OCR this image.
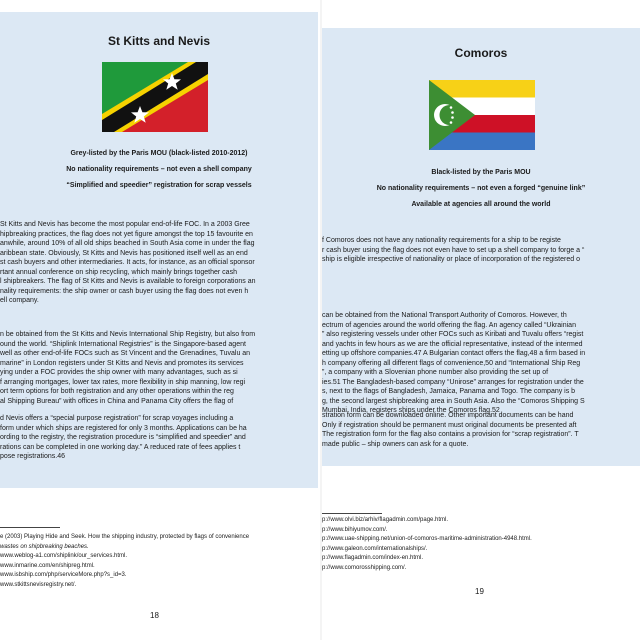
St Kitts and Nevis
Grey-listed by the Paris MOU (black-listed 2010-2012)
No nationality requirements – not even a shell company
“Simplified and speedier” registration for scrap vessels
St Kitts and Nevis has become the most popular end-of-life FOC. In a 2003 Gree
hipbreaking practices, the flag does not yet figure amongst the top 15 favourite en
anwhile, around 10% of all old ships beached in South Asia come in under the flag
aribbean state. Obviously, St Kitts and Nevis has positioned itself well as an end
st cash buyers and other intermediaries. It acts, for instance, as an official sponsor
rtant annual conference on ship recycling, which mainly brings together cash
l shipbreakers. The flag of St Kitts and Nevis is available to foreign corporations an
nality requirements: the ship owner or cash buyer using the flag does not even h
ell company.
n be obtained from the St Kitts and Nevis International Ship Registry, but also from
ound the world. “Shiplink International Registries” is the Singapore-based agent
well as other end-of-life FOCs such as St Vincent and the Grenadines, Tuvalu an
marine” in London registers under St Kitts and Nevis and promotes its services
ying under a FOC provides the ship owner with many advantages, such as si
f arranging mortgages, lower tax rates, more flexibility in ship manning, low regi
ort term options for both registration and any other operations within the reg
al Shipping Bureau” with offices in China and Panama City offers the flag of
d Nevis offers a “special purpose registration” for scrap voyages including a
form under which ships are registered for only 3 months. Applications can be ha
ording to the registry, the registration procedure is “simplified and speedier” and
rations can be completed in one working day.” A reduced rate of fees applies t
pose registrations.46
e (2003) Playing Hide and Seek. How the shipping industry, protected by flags of convenience
wastes on shipbreaking beaches.
www.weblog-a1.com/shiplink/our_services.html.
www.inmarine.com/en/shipreg.html.
www.isbship.com/php/serviceMore.php?s_id=3.
www.stkittsnevisregistry.net/.
18
Comoros
Black-listed by the Paris MOU
No nationality requirements – not even a forged “genuine link”
Available at agencies all around the world
f Comoros does not have any nationality requirements for a ship to be registe
r cash buyer using the flag does not even have to set up a shell company to forge a “
ship is eligible irrespective of nationality or place of incorporation of the registered o
can be obtained from the National Transport Authority of Comoros. However, th
ectrum of agencies around the world offering the flag. An agency called “Ukrainian
” also registering vessels under other FOCs such as Kiribati and Tuvalu offers “regist
and yachts in few hours as we are the official representative, instead of the intermed
etting up offshore companies.47 A Bulgarian contact offers the flag,48 a firm based in
h company offering all different flags of convenience,50 and “International Ship Reg
”, a company with a Slovenian phone number also providing the set up of
ies.51 The Bangladesh-based company “Unirose” arranges for registration under the
s, next to the flags of Bangladesh, Jamaica, Panama and Togo. The company is b
g, the second largest shipbreaking area in South Asia. Also the “Comoros Shipping S
Mumbai, India, registers ships under the Comoros flag.52
stration form can be downloaded online. Other important documents can be hand
Only if registration should be permanent must original documents be presented aft
The registration form for the flag also contains a provision for “scrap registration”. T
made public – ship owners can ask for a quote.
p://www.olvi.biz/arhiv/flagadmin.com/page.html.
p://www.bihiyumov.com/.
p://www.uae-shipping.net/union-of-comoros-maritime-administration-4948.html.
p://www.galeon.com/internationalships/.
p://www.flagadmin.com/index-en.html.
p://www.comorosshipping.com/.
19
